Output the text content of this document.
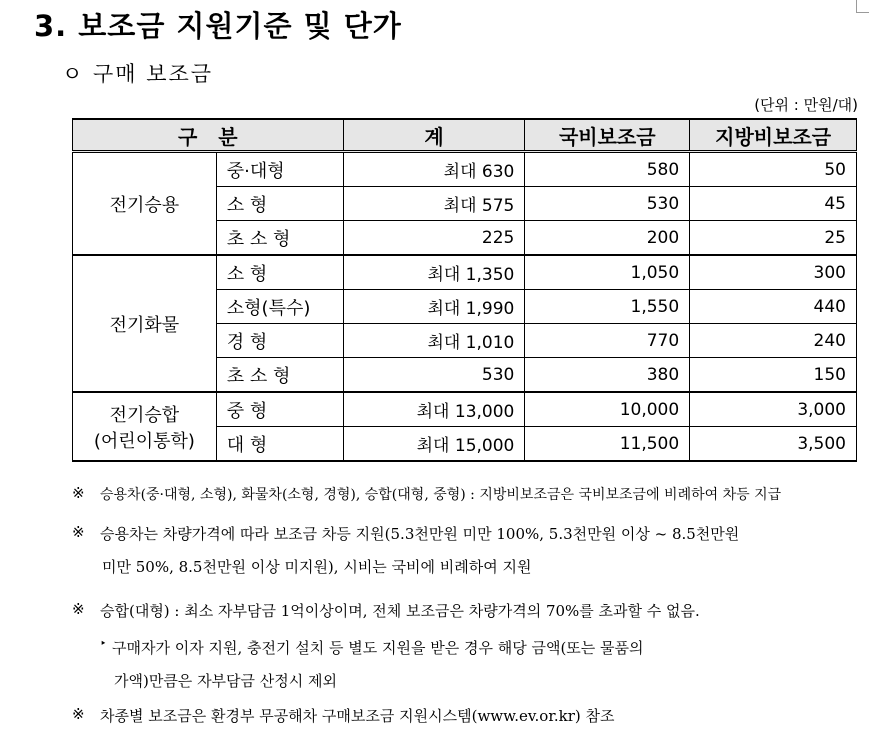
3. 보조금 지원기준 및 단가
ㅇ 구매 보조금
(단위 : 만원/대)
구   분		계	국비보조금	지방비보조금
전기승용	중·대형	최대 630	580	50
	소 형	최대 575	530	45
	초 소 형	225	200	25
전기화물	소 형	최대 1,350	1,050	300
	소형(특수)	최대 1,990	1,550	440
	경 형	최대 1,010	770	240
	초 소 형	530	380	150

전기승합
(어린이통학)	중 형	최대 13,000	10,000	3,000
	대 형	최대 15,000	11,500	3,500
※ 승용차(중·대형, 소형), 화물차(소형, 경형), 승합(대형, 중형) : 지방비보조금은 국비보조금에 비례하여 차등 지급
※ 승용차는 차량가격에 따라 보조금 차등 지원(5.3천만원 미만 100%, 5.3천만원 이상 ~ 8.5천만원
미만 50%, 8.5천만원 이상 미지원), 시비는 국비에 비례하여 지원
※ 승합(대형) : 최소 자부담금 1억이상이며, 전체 보조금은 차량가격의 70%를 초과할 수 없음.
‣ 구매자가 이자 지원, 충전기 설치 등 별도 지원을 받은 경우 해당 금액(또는 물품의
가액)만큼은 자부담금 산정시 제외
※ 차종별 보조금은 환경부 무공해차 구매보조금 지원시스템(www.ev.or.kr) 참조
